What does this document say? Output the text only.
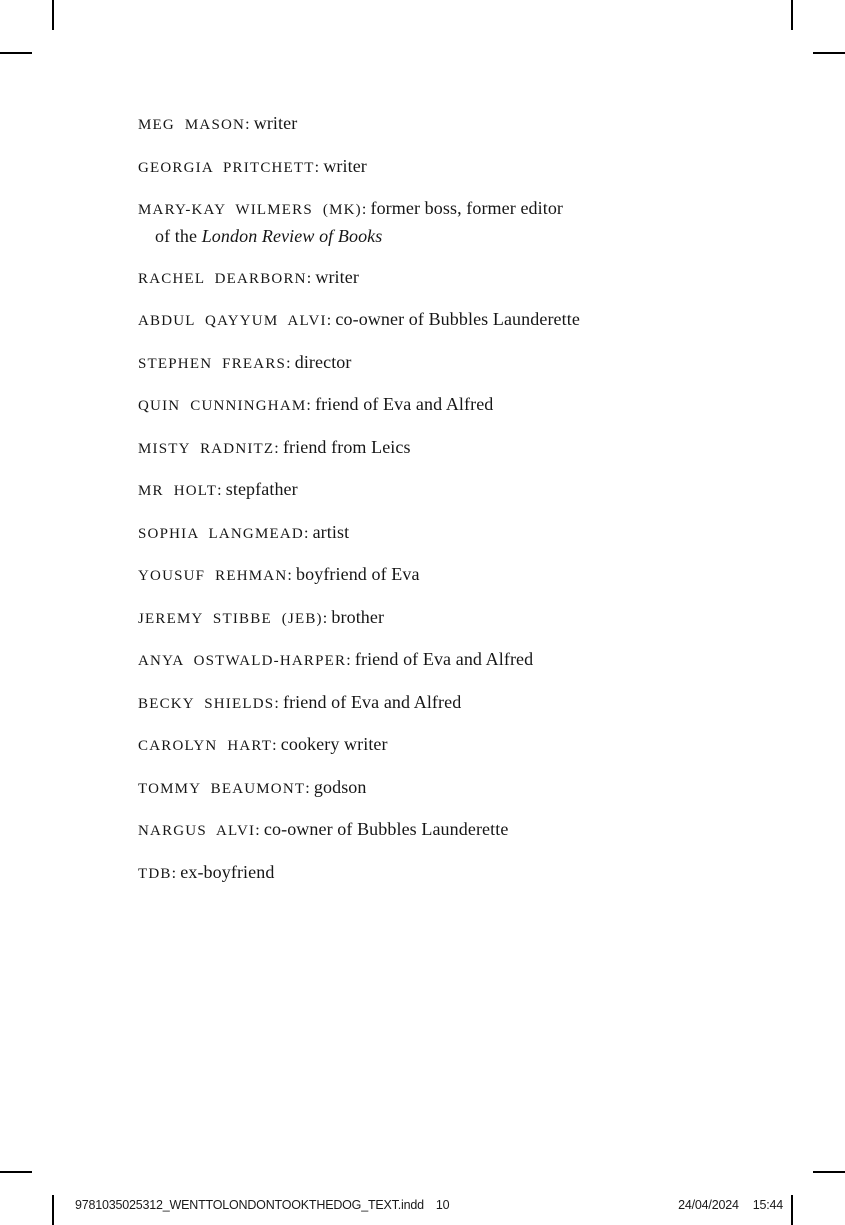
MEG MASON: writer

GEORGIA PRITCHETT: writer

MARY-KAY WILMERS (MK): former boss, former editor
of the London Review of Books

RACHEL DEARBORN: writer

ABDUL QAYYUM ALVI: co-owner of Bubbles Launderette

STEPHEN FREARS: director

QUIN CUNNINGHAM: friend of Eva and Alfred

MISTY RADNITZ: friend from Leics

MR HOLT: stepfather

SOPHIA LANGMEAD: artist

YOUSUF REHMAN: boyfriend of Eva

JEREMY STIBBE (JEB): brother

ANYA OSTWALD-HARPER: friend of Eva and Alfred

BECKY SHIELDS: friend of Eva and Alfred

CAROLYN HART: cookery writer

TOMMY BEAUMONT: godson

NARGUS ALVI: co-owner of Bubbles Launderette

TDB: ex-boyfriend

9781035025312_WENTTOLONDONTOOKTHEDOG_TEXT.indd 10	24/04/2024 15:44
